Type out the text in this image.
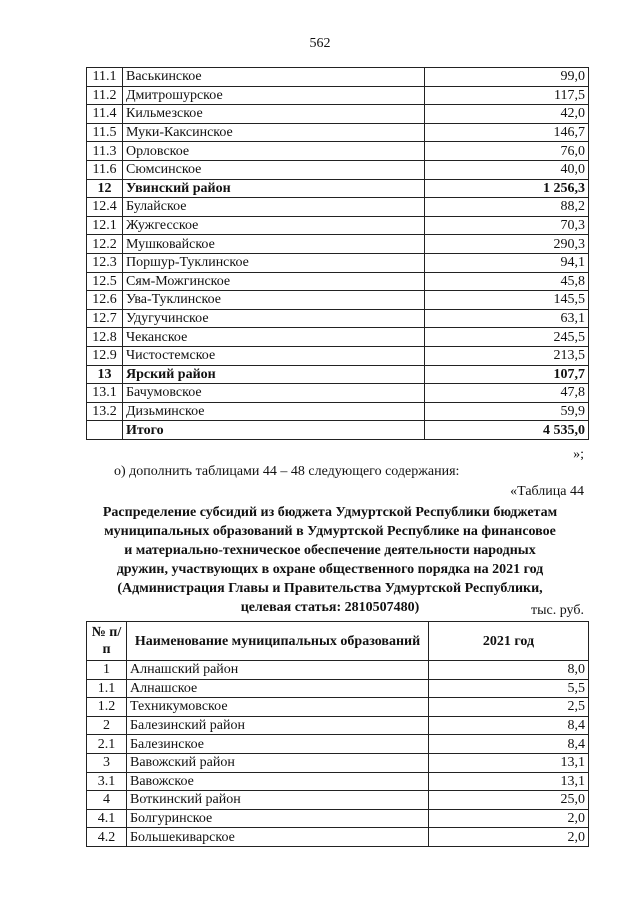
562
11.1	Васькинское	99,0
11.2	Дмитрошурское	117,5
11.4	Кильмезское	42,0
11.5	Муки-Каксинское	146,7
11.3	Орловское	76,0
11.6	Сюмсинское	40,0
12	Увинский район	1 256,3
12.4	Булайское	88,2
12.1	Жужгесское	70,3
12.2	Мушковайское	290,3
12.3	Поршур-Туклинское	94,1
12.5	Сям-Можгинское	45,8
12.6	Ува-Туклинское	145,5
12.7	Удугучинское	63,1
12.8	Чеканское	245,5
12.9	Чистостемское	213,5
13	Ярский район	107,7
13.1	Бачумовское	47,8
13.2	Дизьминское	59,9
	Итого	4 535,0
»;
о) дополнить таблицами 44 – 48 следующего содержания:
«Таблица 44
Распределение субсидий из бюджета Удмуртской Республики бюджетам
муниципальных образований в Удмуртской Республике на финансовое
и материально-техническое обеспечение деятельности народных
дружин, участвующих в охране общественного порядка на 2021 год
(Администрация Главы и Правительства Удмуртской Республики,
целевая статья: 2810507480)	тыс. руб.
№ п/п	Наименование муниципальных образований	2021 год
1	Алнашский район	8,0
1.1	Алнашское	5,5
1.2	Техникумовское	2,5
2	Балезинский район	8,4
2.1	Балезинское	8,4
3	Вавожский район	13,1
3.1	Вавожское	13,1
4	Воткинский район	25,0
4.1	Болгуринское	2,0
4.2	Большекиварское	2,0
